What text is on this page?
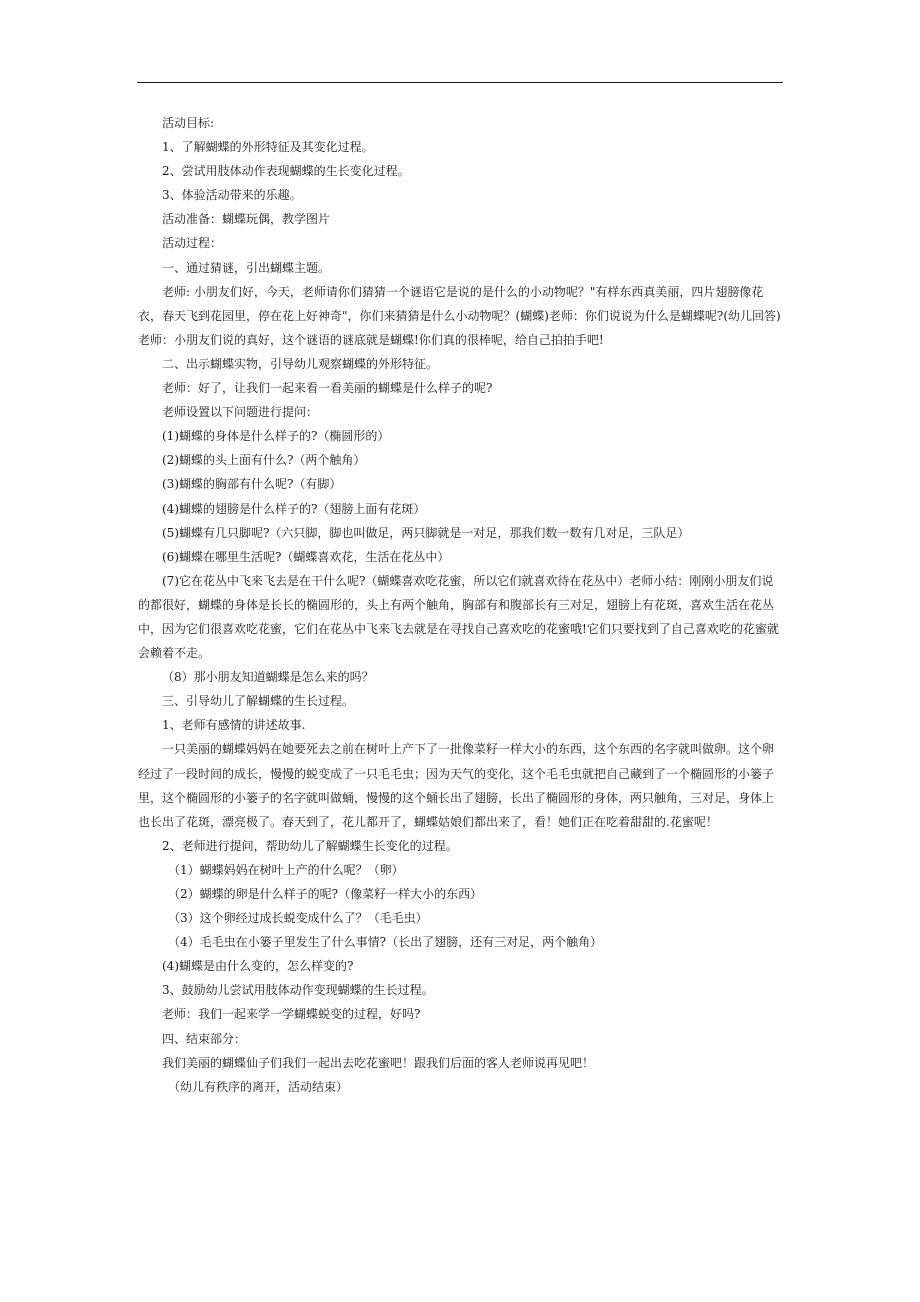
活动目标:

1、了解蝴蝶的外形特征及其变化过程。

2、尝试用肢体动作表现蝴蝶的生长变化过程。

3、体验活动带来的乐趣。

活动准备：蝴蝶玩偶，教学图片

活动过程：

一、通过猜谜，引出蝴蝶主题。

老师: 小朋友们好，今天，老师请你们猜猜一个谜语它是说的是什么的小动物呢？"有样东西真美丽，四片翅膀像花衣，春天飞到花园里，停在花上好神奇"，你们来猜猜是什么小动物呢？(蝴蝶)老师：你们说说为什么是蝴蝶呢?(幼儿回答)老师：小朋友们说的真好，这个谜语的谜底就是蝴蝶!你们真的很棒呢，给自己拍拍手吧!

二、出示蝴蝶实物，引导幼儿观察蝴蝶的外形特征。

老师：好了，让我们一起来看一看美丽的蝴蝶是什么样子的呢?

老师设置以下问题进行提问：

(1)蝴蝶的身体是什么样子的?（椭圆形的）

(2)蝴蝶的头上面有什么?（两个触角）

(3)蝴蝶的胸部有什么呢?（有脚）

(4)蝴蝶的翅膀是什么样子的?（翅膀上面有花斑）

(5)蝴蝶有几只脚呢?（六只脚，脚也叫做足，两只脚就是一对足，那我们数一数有几对足，三队足）

(6)蝴蝶在哪里生活呢?（蝴蝶喜欢花，生活在花丛中）

(7)它在花丛中飞来飞去是在干什么呢?（蝴蝶喜欢吃花蜜，所以它们就喜欢待在花丛中）老师小结：刚刚小朋友们说的都很好，蝴蝶的身体是长长的椭圆形的，头上有两个触角，胸部有和腹部长有三对足，翅膀上有花斑，喜欢生活在花丛中，因为它们很喜欢吃花蜜，它们在花丛中飞来飞去就是在寻找自己喜欢吃的花蜜哦!它们只要找到了自己喜欢吃的花蜜就会赖着不走。

（8）那小朋友知道蝴蝶是怎么来的吗？

三、引导幼儿了解蝴蝶的生长过程。

1、老师有感情的讲述故事.

一只美丽的蝴蝶妈妈在她要死去之前在树叶上产下了一批像菜籽一样大小的东西，这个东西的名字就叫做卵。这个卵经过了一段时间的成长，慢慢的蜕变成了一只毛毛虫；因为天气的变化，这个毛毛虫就把自己藏到了一个椭圆形的小篓子里，这个椭圆形的小篓子的名字就叫做蛹，慢慢的这个蛹长出了翅膀，长出了椭圆形的身体，两只触角，三对足，身体上也长出了花斑，漂亮极了。春天到了，花儿都开了，蝴蝶姑娘们都出来了，看！她们正在吃着甜甜的.花蜜呢！

2、老师进行提问，帮助幼儿了解蝴蝶生长变化的过程。

（1）蝴蝶妈妈在树叶上产的什么呢？（卵）

（2）蝴蝶的卵是什么样子的呢?（像菜籽一样大小的东西）

（3）这个卵经过成长蜕变成什么了？（毛毛虫）

（4）毛毛虫在小篓子里发生了什么事情?（长出了翅膀，还有三对足，两个触角）

(4)蝴蝶是由什么变的，怎么样变的?

3、鼓励幼儿尝试用肢体动作变现蝴蝶的生长过程。

老师：我们一起来学一学蝴蝶蜕变的过程，好吗?

四、结束部分：

我们美丽的蝴蝶仙子们我们一起出去吃花蜜吧！跟我们后面的客人老师说再见吧！

（幼儿有秩序的离开，活动结束）
